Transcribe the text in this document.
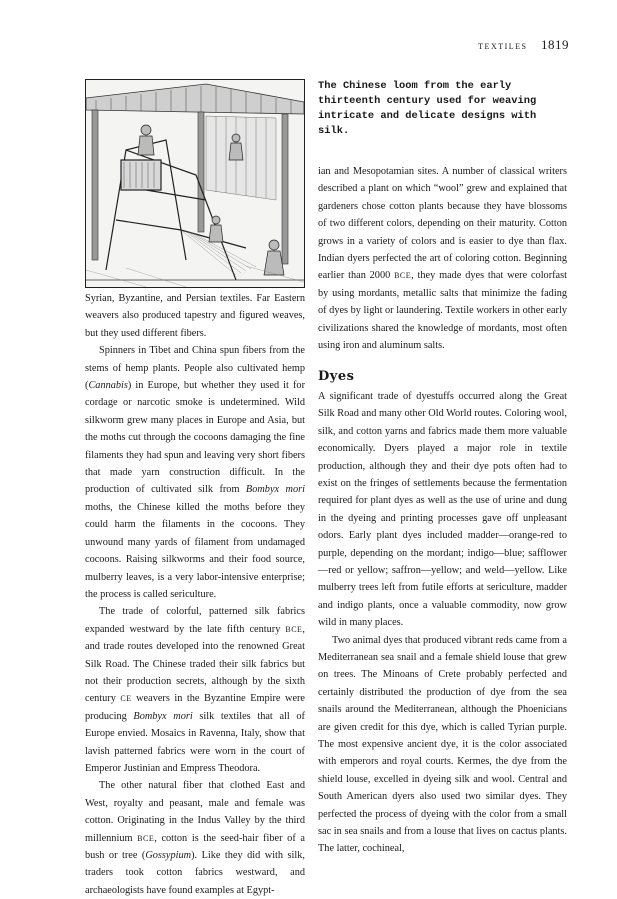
textiles 1819
The Chinese loom from the early thirteenth century used for weaving intricate and delicate designs with silk.

Syrian, Byzantine, and Persian textiles. Far Eastern weavers also produced tapestry and figured weaves, but they used different fibers.

Spinners in Tibet and China spun fibers from the stems of hemp plants. People also cultivated hemp (Cannabis) in Europe, but whether they used it for cordage or narcotic smoke is undetermined. Wild silkworm grew many places in Europe and Asia, but the moths cut through the cocoons damaging the fine filaments they had spun and leaving very short fibers that made yarn construction difficult. In the production of cultivated silk from Bombyx mori moths, the Chinese killed the moths before they could harm the filaments in the cocoons. They unwound many yards of filament from undamaged cocoons. Raising silkworms and their food source, mulberry leaves, is a very labor-intensive enterprise; the process is called sericulture.

The trade of colorful, patterned silk fabrics expanded westward by the late fifth century BCE, and trade routes developed into the renowned Great Silk Road. The Chinese traded their silk fabrics but not their production secrets, although by the sixth century CE weavers in the Byzantine Empire were producing Bombyx mori silk textiles that all of Europe envied. Mosaics in Ravenna, Italy, show that lavish patterned fabrics were worn in the court of Emperor Justinian and Empress Theodora.

The other natural fiber that clothed East and West, royalty and peasant, male and female was cotton. Originating in the Indus Valley by the third millennium BCE, cotton is the seed-hair fiber of a bush or tree (Gossypium). Like they did with silk, traders took cotton fabrics westward, and archaeologists have found examples at Egypt-

ian and Mesopotamian sites. A number of classical writers described a plant on which “wool” grew and explained that gardeners chose cotton plants because they have blossoms of two different colors, depending on their maturity. Cotton grows in a variety of colors and is easier to dye than flax. Indian dyers perfected the art of coloring cotton. Beginning earlier than 2000 BCE, they made dyes that were colorfast by using mordants, metallic salts that minimize the fading of dyes by light or laundering. Textile workers in other early civilizations shared the knowledge of mordants, most often using iron and aluminum salts.

Dyes

A significant trade of dyestuffs occurred along the Great Silk Road and many other Old World routes. Coloring wool, silk, and cotton yarns and fabrics made them more valuable economically. Dyers played a major role in textile production, although they and their dye pots often had to exist on the fringes of settlements because the fermentation required for plant dyes as well as the use of urine and dung in the dyeing and printing processes gave off unpleasant odors. Early plant dyes included madder—orange-red to purple, depending on the mordant; indigo—blue; safflower—red or yellow; saffron—yellow; and weld—yellow. Like mulberry trees left from futile efforts at sericulture, madder and indigo plants, once a valuable commodity, now grow wild in many places.

Two animal dyes that produced vibrant reds came from a Mediterranean sea snail and a female shield louse that grew on trees. The Minoans of Crete probably perfected and certainly distributed the production of dye from the sea snails around the Mediterranean, although the Phoenicians are given credit for this dye, which is called Tyrian purple. The most expensive ancient dye, it is the color associated with emperors and royal courts. Kermes, the dye from the shield louse, excelled in dyeing silk and wool. Central and South American dyers also used two similar dyes. They perfected the process of dyeing with the color from a small sac in sea snails and from a louse that lives on cactus plants. The latter, cochineal,
